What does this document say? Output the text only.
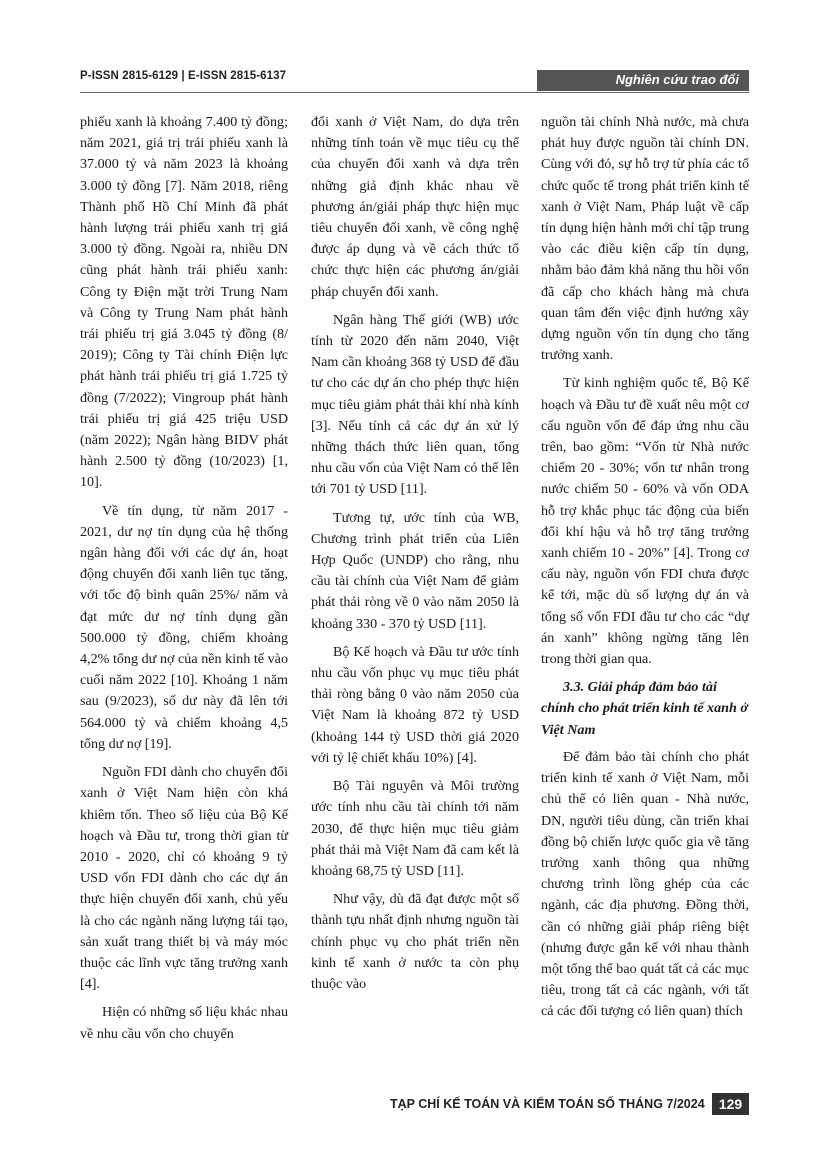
P-ISSN 2815-6129 | E-ISSN 2815-6137	Nghiên cứu trao đổi

phiếu xanh là khoảng 7.400 tỷ đồng; năm 2021, giá trị trái phiếu xanh là 37.000 tỷ và năm 2023 là khoảng 3.000 tỷ đồng [7]. Năm 2018, riêng Thành phố Hồ Chí Minh đã phát hành lượng trái phiếu xanh trị giá 3.000 tỷ đồng. Ngoài ra, nhiều DN cũng phát hành trái phiếu xanh: Công ty Điện mặt trời Trung Nam và Công ty Trung Nam phát hành trái phiếu trị giá 3.045 tỷ đồng (8/ 2019); Công ty Tài chính Điện lực phát hành trái phiếu trị giá 1.725 tỷ đồng (7/2022); Vingroup phát hành trái phiếu trị giá 425 triệu USD (năm 2022); Ngân hàng BIDV phát hành 2.500 tỷ đồng (10/2023) [1, 10].

Về tín dụng, từ năm 2017 - 2021, dư nợ tín dụng của hệ thống ngân hàng đối với các dự án, hoạt động chuyển đổi xanh liên tục tăng, với tốc độ bình quân 25%/ năm và đạt mức dư nợ tính dụng gần 500.000 tỷ đồng, chiếm khoảng 4,2% tổng dư nợ của nền kinh tế vào cuối năm 2022 [10]. Khoảng 1 năm sau (9/2023), số dư này đã lên tới 564.000 tỷ và chiếm khoảng 4,5 tổng dư nợ [19].

Nguồn FDI dành cho chuyển đổi xanh ở Việt Nam hiện còn khá khiêm tốn. Theo số liệu của Bộ Kế hoạch và Đầu tư, trong thời gian từ 2010 - 2020, chỉ có khoảng 9 tỷ USD vốn FDI dành cho các dự án thực hiện chuyển đổi xanh, chủ yếu là cho các ngành năng lượng tái tạo, sản xuất trang thiết bị và máy móc thuộc các lĩnh vực tăng trưởng xanh [4].

Hiện có những số liệu khác nhau về nhu cầu vốn cho chuyển

đổi xanh ở Việt Nam, do dựa trên những tính toán về mục tiêu cụ thể của chuyển đổi xanh và dựa trên những giả định khác nhau về phương án/giải pháp thực hiện mục tiêu chuyển đổi xanh, về công nghệ được áp dụng và về cách thức tổ chức thực hiện các phương án/giải pháp chuyển đổi xanh.

Ngân hàng Thế giới (WB) ước tính từ 2020 đến năm 2040, Việt Nam cần khoảng 368 tỷ USD để đầu tư cho các dự án cho phép thực hiện mục tiêu giảm phát thải khí nhà kính [3]. Nếu tính cả các dự án xử lý những thách thức liên quan, tổng nhu cầu vốn của Việt Nam có thể lên tới 701 tỷ USD [11].

Tương tự, ước tính của WB, Chương trình phát triển của Liên Hợp Quốc (UNDP) cho rằng, nhu cầu tài chính của Việt Nam để giảm phát thải ròng về 0 vào năm 2050 là khoảng 330 - 370 tỷ USD [11].

Bộ Kế hoạch và Đầu tư ước tính nhu cầu vốn phục vụ mục tiêu phát thải ròng bằng 0 vào năm 2050 của Việt Nam là khoảng 872 tỷ USD (khoảng 144 tỷ USD thời giá 2020 với tỷ lệ chiết khấu 10%) [4].

Bộ Tài nguyên và Môi trường ước tính nhu cầu tài chính tới năm 2030, để thực hiện mục tiêu giảm phát thải mà Việt Nam đã cam kết là khoảng 68,75 tỷ USD [11].

Như vậy, dù đã đạt được một số thành tựu nhất định nhưng nguồn tài chính phục vụ cho phát triển nền kinh tế xanh ở nước ta còn phụ thuộc vào

nguồn tài chính Nhà nước, mà chưa phát huy được nguồn tài chính DN. Cùng với đó, sự hỗ trợ từ phía các tổ chức quốc tế trong phát triển kinh tế xanh ở Việt Nam, Pháp luật về cấp tín dụng hiện hành mới chỉ tập trung vào các điều kiện cấp tín dụng, nhằm bảo đảm khả năng thu hồi vốn đã cấp cho khách hàng mà chưa quan tâm đến việc định hướng xây dựng nguồn vốn tín dụng cho tăng trưởng xanh.

Từ kinh nghiệm quốc tế, Bộ Kế hoạch và Đầu tư đề xuất nêu một cơ cấu nguồn vốn để đáp ứng nhu cầu trên, bao gồm: “Vốn từ Nhà nước chiếm 20 - 30%; vốn tư nhân trong nước chiếm 50 - 60% và vốn ODA hỗ trợ khắc phục tác động của biến đổi khí hậu và hỗ trợ tăng trưởng xanh chiếm 10 - 20%” [4]. Trong cơ cấu này, nguồn vốn FDI chưa được kể tới, mặc dù số lượng dự án và tổng số vốn FDI đầu tư cho các “dự án xanh” không ngừng tăng lên trong thời gian qua.

3.3. Giải pháp đảm bảo tài chính cho phát triển kinh tế xanh ở Việt Nam

Để đảm bảo tài chính cho phát triển kinh tế xanh ở Việt Nam, mỗi chủ thể có liên quan - Nhà nước, DN, người tiêu dùng, cần triển khai đồng bộ chiến lược quốc gia về tăng trưởng xanh thông qua những chương trình lồng ghép của các ngành, các địa phương. Đồng thời, cần có những giải pháp riêng biệt (nhưng được gắn kế với nhau thành một tổng thể bao quát tất cả các mục tiêu, trong tất cả các ngành, với tất cả các đối tượng có liên quan) thích

TẠP CHÍ KẾ TOÁN VÀ KIỂM TOÁN SỐ THÁNG 7/2024	129
